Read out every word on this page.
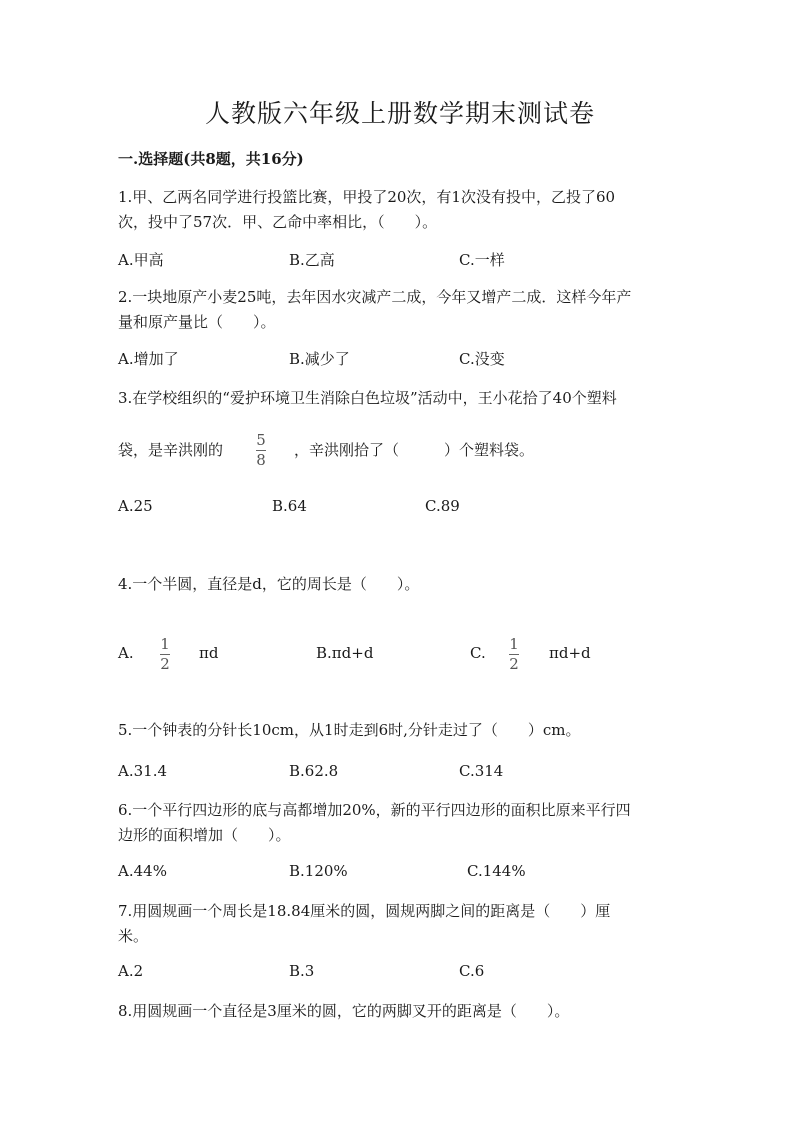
人教版六年级上册数学期末测试卷
一.选择题(共8题，共16分)
1.甲、乙两名同学进行投篮比赛，甲投了20次，有1次没有投中，乙投了60
次，投中了57次．甲、乙命中率相比，（　　）。
A.甲高	B.乙高	C.一样
2.一块地原产小麦25吨，去年因水灾减产二成，今年又增产二成．这样今年产
量和原产量比（　　）。
A.增加了	B.减少了	C.没变
3.在学校组织的“爱护环境卫生消除白色垃圾”活动中，王小花拾了40个塑料
袋，是辛洪刚的
5
8
，辛洪刚拾了（　　　）个塑料袋。
A.25	B.64	C.89
4.一个半圆，直径是d，它的周长是（　　）。
A. 1
2
πd	B.πd+d	C. 1
2
πd+d
5.一个钟表的分针长10cm，从1时走到6时,分针走过了（　　）cm。
A.31.4	B.62.8	C.314
6.一个平行四边形的底与高都增加20%，新的平行四边形的面积比原来平行四
边形的面积增加（　　）。
A.44%	B.120%	C.144%
7.用圆规画一个周长是18.84厘米的圆，圆规两脚之间的距离是（　　）厘
米。
A.2	B.3	C.6
8.用圆规画一个直径是3厘米的圆，它的两脚叉开的距离是（　　）。
